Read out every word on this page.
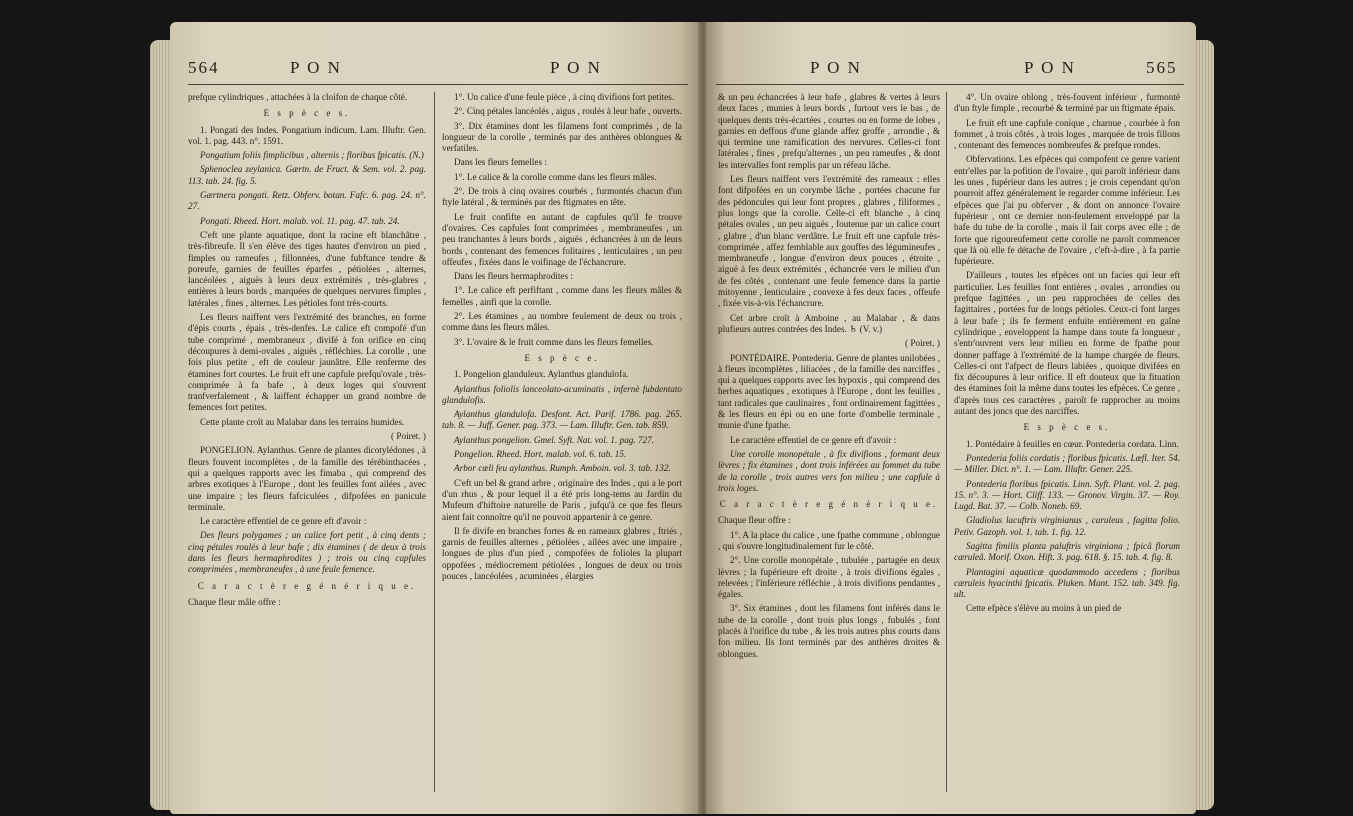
564	P O N	P O N

prefque cylindriques , attachées à la cloifon de chaque côté.

E s p è c e s.

1. Pongati des Indes. Pongatium indicum. Lam. Illuftr. Gen. vol. 1. pag. 443. n°. 1591.

Pongatium foliis fimplicibus , alternis ; floribus fpicatis. (N.)

Sphenoclea zeylanica. Gærtn. de Fruct. & Sem. vol. 2. pag. 113. tab. 24. fig. 5.

Gærtnera pongati. Retz. Obferv. botan. Fafc. 6. pag. 24. n°. 27.

Pongati. Rheed. Hort. malab. vol. 11. pag. 47. tab. 24.

C'eft une plante aquatique, dont la racine eft blanchâtre , très-fibreufe. Il s'en élève des tiges hautes d'environ un pied , fimples ou rameufes , fillonnées, d'une fubftance tendre & poreufe, garnies de feuilles éparfes , pétiolées , alternes, lancéolées , aiguës à leurs deux extrémités , très-glabres , entières à leurs bords , marquées de quelques nervures fimples , latérales , fines , alternes. Les pétioles font très-courts.

Les fleurs naiffent vers l'extrémité des branches, en forme d'épis courts , épais , très-denfes. Le calice eft compofé d'un tube comprimé , membraneux , divifé à fon orifice en cinq découpures à demi-ovales , aiguës , réfléchies. La corolle , une fois plus petite , eft de couleur jaunâtre. Elle renferme des étamines fort courtes. Le fruit eft une capfule prefqu'ovale , très-comprimée à fa bafe , à deux loges qui s'ouvrent tranfverfalement , & laiffent échapper un grand nombre de femences fort petites.

Cette plante croît au Malabar dans les terrains humides.

( Poiret. )

PONGELION. Aylanthus. Genre de plantes dicotylédones , à fleurs fouvent incomplètes , de la famille des térébinthacées , qui a quelques rapports avec les fimaba , qui comprend des arbres exotiques à l'Europe , dont les feuilles font ailées , avec une impaire ; les fleurs fafciculées , difpofées en panicule terminale.

Le caractère effentiel de ce genre eft d'avoir :

Des fleurs polygames ; un calice fort petit , à cinq dents ; cinq pétales roulés à leur bafe ; dix étamines ( de deux à trois dans les fleurs hermaphrodites ) ; trois ou cinq capfules comprimées , membraneufes , à une feule femence.

C a r a c t è r e g é n é r i q u e.

Chaque fleur mâle offre :

1°. Un calice d'une feule pièce , à cinq divifions fort petites.

2°. Cinq pétales lancéolés , aigus , roulés à leur bafe , ouverts.

3°. Dix étamines dont les filamens font comprimés , de la longueur de la corolle , terminés par des anthères oblongues & verfatiles.

Dans les fleurs femelles :

1°. Le calice & la corolle comme dans les fleurs mâles.

2°. De trois à cinq ovaires courbés , furmontés chacun d'un ftyle latéral , & terminés par des ftigmates en tête.

Le fruit confifte en autant de capfules qu'il fe trouve d'ovaires. Ces capfules font comprimées , membraneufes , un peu tranchantes à leurs bords , aiguës , échancrées à un de leurs bords , contenant des femences folitaires , lenticulaires , un peu offeufes , fixées dans le voifinage de l'échancrure.

Dans les fleurs hermaphrodites :

1°. Le calice eft perfiftant , comme dans les fleurs mâles & femelles , ainfi que la corolle.

2°. Les étamines , au nombre feulement de deux ou trois , comme dans les fleurs mâles.

3°. L'ovaire & le fruit comme dans les fleurs femelles.

E s p è c e.

1. Pongelion glanduleux. Aylanthus glandulofa.

Aylanthus foliolis lanceolato-acuminatis , infernè fubdentato glandulofis.

Aylanthus glandulofa. Desfont. Act. Parif. 1786. pag. 265. tab. 8. — Juff. Gener. pag. 373. — Lam. Illuftr. Gen. tab. 859.

Aylanthus pongelion. Gmel. Syft. Nat. vol. 1. pag. 727.

Pongelion. Rheed. Hort. malab. vol. 6. tab. 15.

Arbor cœli feu aylanthus. Rumph. Amboin. vol. 3. tab. 132.

C'eft un bel & grand arbre , originaire des Indes , qui a le port d'un rhus , & pour lequel il a été pris long-tems au Jardin du Mufeum d'hiftoire naturelle de Paris , jufqu'à ce que fes fleurs aient fait connoître qu'il ne pouvoit appartenir à ce genre.

Il fe divife en branches fortes & en rameaux glabres , ftriés , garnis de feuilles alternes , pétiolées , ailées avec une impaire , longues de plus d'un pied , compofées de folioles la plupart oppofées , médiocrement pétiolées , longues de deux ou trois pouces , lancéolées , acuminées , élargies

P O N	P O N	565

& un peu échancrées à leur bafe , glabres & vertes à leurs deux faces , munies à leurs bords , furtout vers le bas , de quelques dents très-écartées , courtes ou en forme de lobes , garnies en deffous d'une glande affez groffe , arrondie , & qui termine une ramification des nervures. Celles-ci font latérales , fines , prefqu'alternes , un peu rameufes , & dont les intervalles font remplis par un réfeau lâche.

Les fleurs naiffent vers l'extrémité des rameaux : elles font difpofées en un corymbe lâche , portées chacune fur des pédoncules qui leur font propres , glabres , filiformes , plus longs que la corolle. Celle-ci eft blanche , à cinq pétales ovales , un peu aiguës , foutenue par un calice court , glabre , d'un blanc verdâtre. Le fruit eft une capfule très-comprimée , affez femblable aux gouffes des légumineufes , membraneufe , longue d'environ deux pouces , étroite , aiguë à fes deux extrémités , échancrée vers le milieu d'un de fes côtés , contenant une feule femence dans la partie mitoyenne , lenticulaire , convexe à fes deux faces , offeufe , fixée vis-à-vis l'échancrure.

Cet arbre croît à Amboine , au Malabar , & dans plufieurs autres contrées des Indes. ♄ (V. v.)

( Poiret. )

PONTÉDAIRE. Pontederia. Genre de plantes unilobées , à fleurs incomplètes , liliacées , de la famille des narciffes , qui a quelques rapports avec les hypoxis , qui comprend des herbes aquatiques , exotiques à l'Europe , dont les feuilles , tant radicales que caulinaires , font ordinairement fagittées , & les fleurs en épi ou en une forte d'ombelle terminale , munie d'une fpathe.

Le caractère effentiel de ce genre eft d'avoir :

Une corolle monopétale , à fix divifions , formant deux lèvres ; fix étamines , dont trois inférées au fommet du tube de la corolle , trois autres vers fon milieu ; une capfule à trois loges.

C a r a c t è r e g é n é r i q u e.

Chaque fleur offre :

1°. A la place du calice , une fpathe commune , oblongue , qui s'ouvre longitudinalement fur le côté.

2°. Une corolle monopétale , tubulée , partagée en deux lèvres ; la fupérieure eft droite , à trois divifions égales , relevées ; l'inférieure réfléchie , à trois divifions pendantes , égales.

3°. Six étamines , dont les filamens font inférés dans le tube de la corolle , dont trois plus longs , fubulés , font placés à l'orifice du tube , & les trois autres plus courts dans fon milieu. Ils font terminés par des anthères droites & oblongues.

4°. Un ovaire oblong , très-fouvent inférieur , furmonté d'un ftyle fimple , recourbé & terminé par un ftigmate épais.

Le fruit eft une capfule conique , charnue , courbée à fon fommet , à trois côtés , à trois loges , marquée de trois fillons , contenant des femences nombreufes & prefque rondes.

Obfervations. Les efpèces qui compofent ce genre varient entr'elles par la pofition de l'ovaire , qui paroît inférieur dans les unes , fupérieur dans les autres ; je crois cependant qu'on pourroit affez généralement le regarder comme inférieur. Les efpèces que j'ai pu obferver , & dont on annonce l'ovaire fupérieur , ont ce dernier non-feulement enveloppé par la bafe du tube de la corolle , mais il fait corps avec elle ; de forte que rigoureufement cette corolle ne paroît commencer que là où elle fe détache de l'ovaire , c'eft-à-dire , à fa partie fupérieure.

D'ailleurs , toutes les efpèces ont un facies qui leur eft particulier. Les feuilles font entières , ovales , arrondies ou prefque fagittées , un peu rapprochées de celles des fagittaires , portées fur de longs pétioles. Ceux-ci font larges à leur bafe ; ils fe ferment enfuite entièrement en gaîne cylindrique , enveloppent la hampe dans toute fa longueur , s'entr'ouvrent vers leur milieu en forme de fpathe pour donner paffage à l'extrémité de la hampe chargée de fleurs. Celles-ci ont l'afpect de fleurs labiées , quoique divifées en fix découpures à leur orifice. Il eft douteux que la fituation des étamines foit la même dans toutes les efpèces. Ce genre , d'après tous ces caractères , paroît fe rapprocher au moins autant des joncs que des narciffes.

E s p è c e s.

1. Pontédaire à feuilles en cœur. Pontederia cordata. Linn.

Pontederia foliis cordatis ; floribus fpicatis. Lœfl. Iter. 54. — Miller. Dict. n°. 1. — Lam. Illuftr. Gener. 225.

Pontederia floribus fpicatis. Linn. Syft. Plant. vol. 2. pag. 15. n°. 3. — Hort. Cliff. 133. — Gronov. Virgin. 37. — Roy. Lugd. Bat. 37. — Colb. Noneb. 69.

Gladiolus lacuftris virginianus , caruleus , fagitta folio. Petiv. Gazoph. vol. 1. tab. 1. fig. 12.

Sagitta fimilis planta paluftris virginiana ; fpicâ florum cæruleâ. Morif. Oxon. Hift. 3. pag. 618. §. 15. tab. 4. fig. 8.

Plantagini aquaticæ quodammodo accedens ; floribus cæruleis hyacinthi fpicatis. Pluken. Mant. 152. tab. 349. fig. ult.

Cette efpèce s'élève au moins à un pied de
